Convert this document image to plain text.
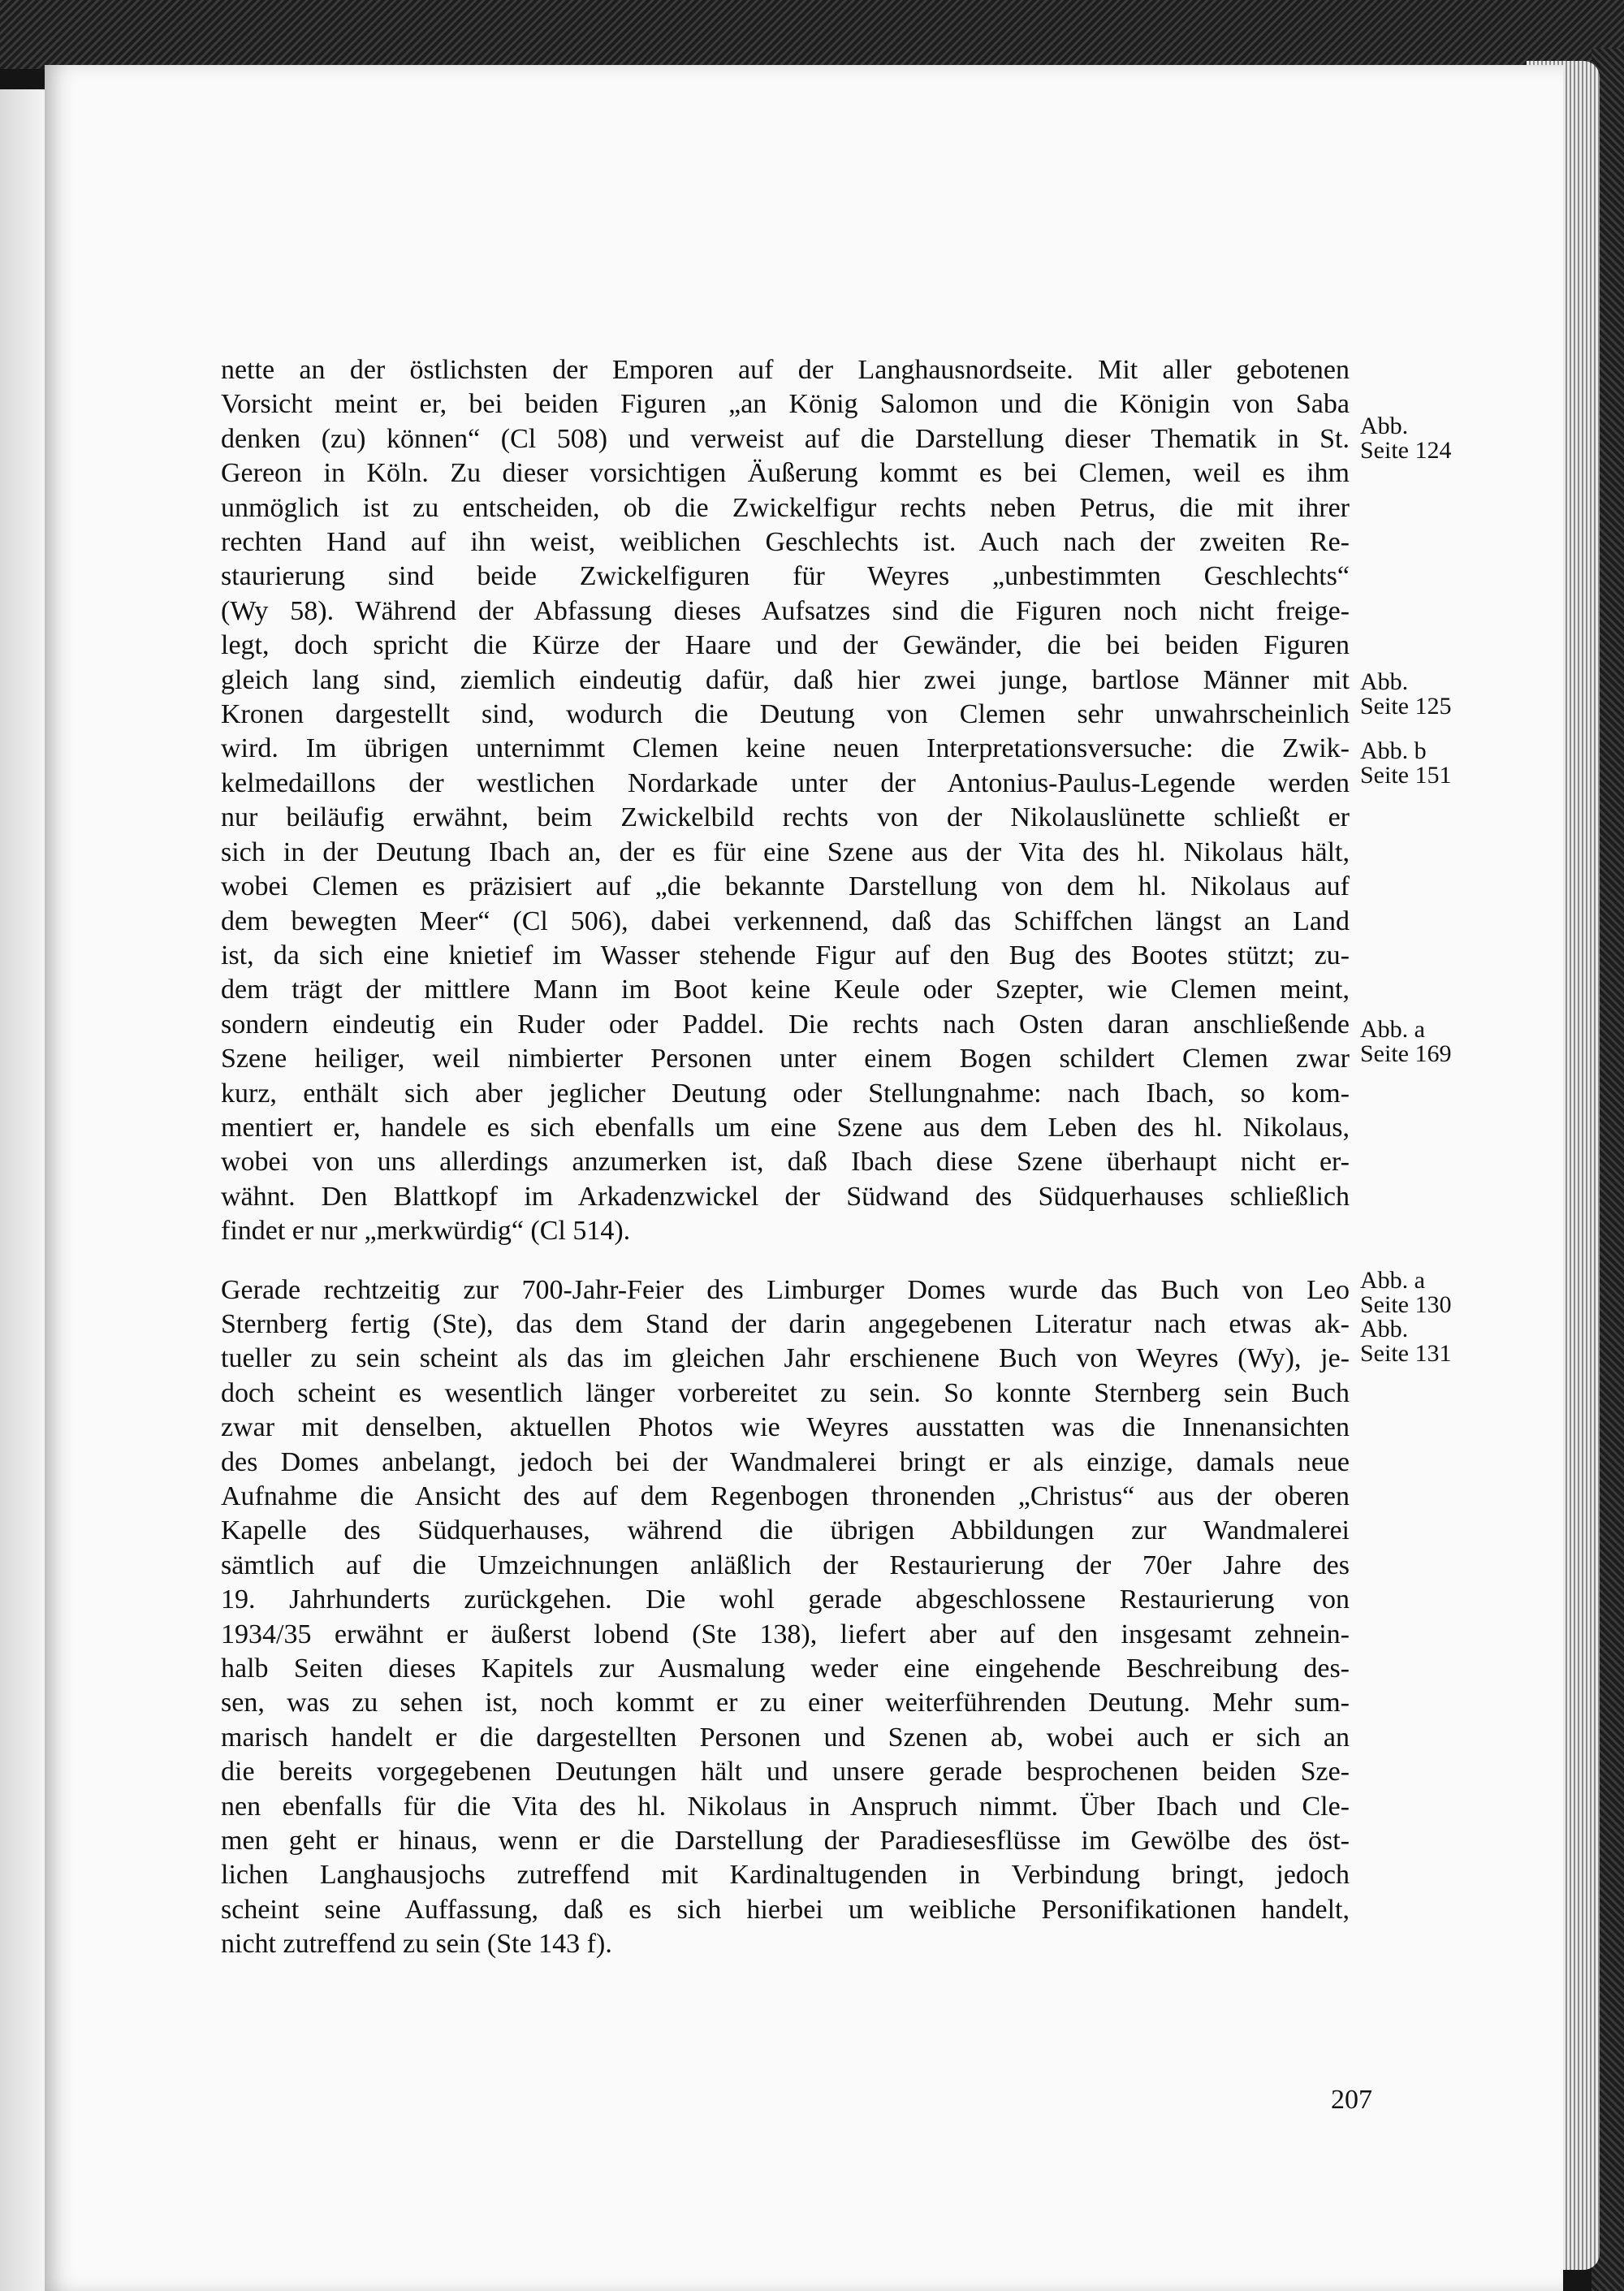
nette an der östlichsten der Emporen auf der Langhausnordseite. Mit aller gebotenen
Vorsicht meint er, bei beiden Figuren „an König Salomon und die Königin von Saba
denken (zu) können“ (Cl 508) und verweist auf die Darstellung dieser Thematik in St.
Gereon in Köln. Zu dieser vorsichtigen Äußerung kommt es bei Clemen, weil es ihm
unmöglich ist zu entscheiden, ob die Zwickelfigur rechts neben Petrus, die mit ihrer
rechten Hand auf ihn weist, weiblichen Geschlechts ist. Auch nach der zweiten Re-
staurierung sind beide Zwickelfiguren für Weyres „unbestimmten Geschlechts“
(Wy 58). Während der Abfassung dieses Aufsatzes sind die Figuren noch nicht freige-
legt, doch spricht die Kürze der Haare und der Gewänder, die bei beiden Figuren
gleich lang sind, ziemlich eindeutig dafür, daß hier zwei junge, bartlose Männer mit
Kronen dargestellt sind, wodurch die Deutung von Clemen sehr unwahrscheinlich
wird. Im übrigen unternimmt Clemen keine neuen Interpretationsversuche: die Zwik-
kelmedaillons der westlichen Nordarkade unter der Antonius-Paulus-Legende werden
nur beiläufig erwähnt, beim Zwickelbild rechts von der Nikolauslünette schließt er
sich in der Deutung Ibach an, der es für eine Szene aus der Vita des hl. Nikolaus hält,
wobei Clemen es präzisiert auf „die bekannte Darstellung von dem hl. Nikolaus auf
dem bewegten Meer“ (Cl 506), dabei verkennend, daß das Schiffchen längst an Land
ist, da sich eine knietief im Wasser stehende Figur auf den Bug des Bootes stützt; zu-
dem trägt der mittlere Mann im Boot keine Keule oder Szepter, wie Clemen meint,
sondern eindeutig ein Ruder oder Paddel. Die rechts nach Osten daran anschließende
Szene heiliger, weil nimbierter Personen unter einem Bogen schildert Clemen zwar
kurz, enthält sich aber jeglicher Deutung oder Stellungnahme: nach Ibach, so kom-
mentiert er, handele es sich ebenfalls um eine Szene aus dem Leben des hl. Nikolaus,
wobei von uns allerdings anzumerken ist, daß Ibach diese Szene überhaupt nicht er-
wähnt. Den Blattkopf im Arkadenzwickel der Südwand des Südquerhauses schließlich
findet er nur „merkwürdig“ (Cl 514).
Gerade rechtzeitig zur 700-Jahr-Feier des Limburger Domes wurde das Buch von Leo
Sternberg fertig (Ste), das dem Stand der darin angegebenen Literatur nach etwas ak-
tueller zu sein scheint als das im gleichen Jahr erschienene Buch von Weyres (Wy), je-
doch scheint es wesentlich länger vorbereitet zu sein. So konnte Sternberg sein Buch
zwar mit denselben, aktuellen Photos wie Weyres ausstatten was die Innenansichten
des Domes anbelangt, jedoch bei der Wandmalerei bringt er als einzige, damals neue
Aufnahme die Ansicht des auf dem Regenbogen thronenden „Christus“ aus der oberen
Kapelle des Südquerhauses, während die übrigen Abbildungen zur Wandmalerei
sämtlich auf die Umzeichnungen anläßlich der Restaurierung der 70er Jahre des
19. Jahrhunderts zurückgehen. Die wohl gerade abgeschlossene Restaurierung von
1934/35 erwähnt er äußerst lobend (Ste 138), liefert aber auf den insgesamt zehnein-
halb Seiten dieses Kapitels zur Ausmalung weder eine eingehende Beschreibung des-
sen, was zu sehen ist, noch kommt er zu einer weiterführenden Deutung. Mehr sum-
marisch handelt er die dargestellten Personen und Szenen ab, wobei auch er sich an
die bereits vorgegebenen Deutungen hält und unsere gerade besprochenen beiden Sze-
nen ebenfalls für die Vita des hl. Nikolaus in Anspruch nimmt. Über Ibach und Cle-
men geht er hinaus, wenn er die Darstellung der Paradiesesflüsse im Gewölbe des öst-
lichen Langhausjochs zutreffend mit Kardinaltugenden in Verbindung bringt, jedoch
scheint seine Auffassung, daß es sich hierbei um weibliche Personifikationen handelt,
nicht zutreffend zu sein (Ste 143 f).
Abb.
Seite 124
Abb.
Seite 125
Abb. b
Seite 151
Abb. a
Seite 169
Abb. a
Seite 130
Abb.
Seite 131
207
